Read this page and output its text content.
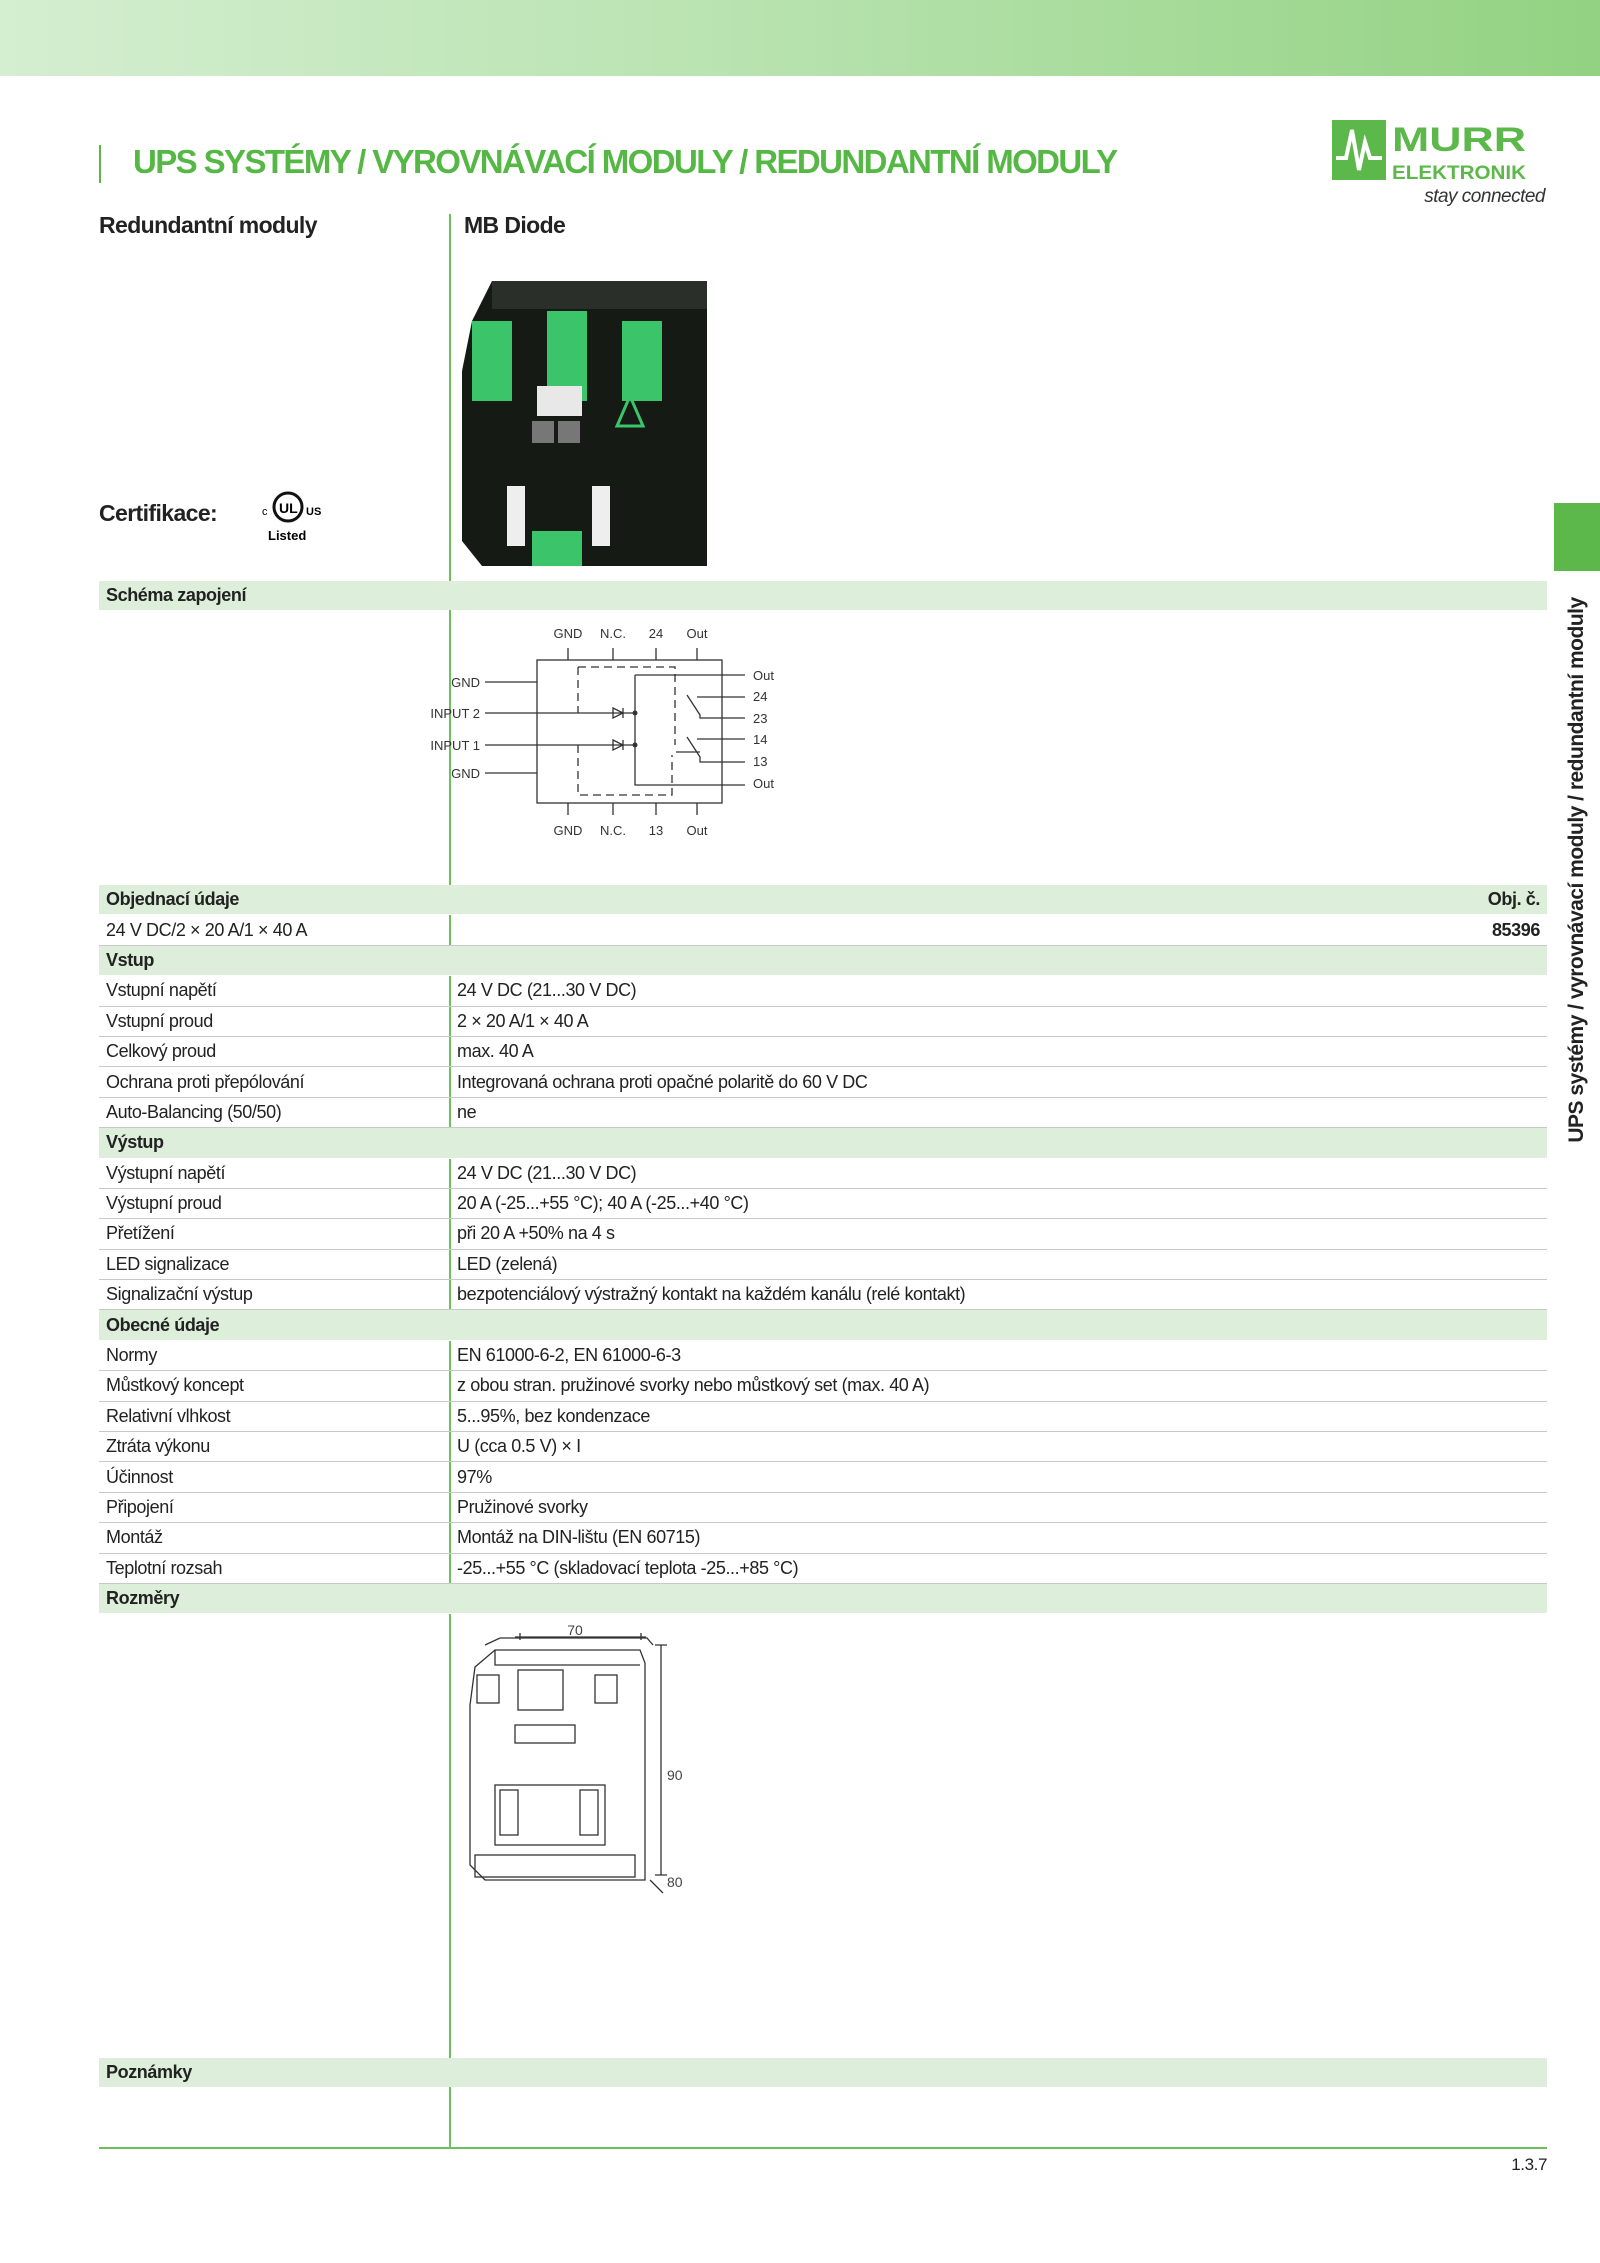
UPS SYSTÉMY / VYROVNÁVACÍ MODULY / REDUNDANTNÍ MODULY
MURR
ELEKTRONIK
stay connected
Redundantní moduly	MB Diode
Certifikace:	c UL US
Listed
Schéma zapojení
GND N.C. 24 Out
GND N.C. 13 Out
GND
INPUT 2
INPUT 1
GND
Out
24
23
14
13
Out
Objednací údaje	Obj. č.
24 V DC/2 × 20 A/1 × 40 A	85396
Vstup
Vstupní napětí	24 V DC (21...30 V DC)
Vstupní proud	2 × 20 A/1 × 40 A
Celkový proud	max. 40 A
Ochrana proti přepólování	Integrovaná ochrana proti opačné polaritě do 60 V DC
Auto-Balancing (50/50)	ne
Výstup
Výstupní napětí	24 V DC (21...30 V DC)
Výstupní proud	20 A (-25...+55 °C); 40 A (-25...+40 °C)
Přetížení	při 20 A +50% na 4 s
LED signalizace	LED (zelená)
Signalizační výstup	bezpotenciálový výstražný kontakt na každém kanálu (relé kontakt)
Obecné údaje
Normy	EN 61000-6-2, EN 61000-6-3
Můstkový koncept	z obou stran. pružinové svorky nebo můstkový set (max. 40 A)
Relativní vlhkost	5...95%, bez kondenzace
Ztráta výkonu	U (cca 0.5 V) × I
Účinnost	97%
Připojení	Pružinové svorky
Montáž	Montáž na DIN-lištu (EN 60715)
Teplotní rozsah	-25...+55 °C (skladovací teplota -25...+85 °C)
Rozměry
70
90
80
Poznámky
1.3.7
UPS systémy / vyrovnávací moduly / redundantní moduly
